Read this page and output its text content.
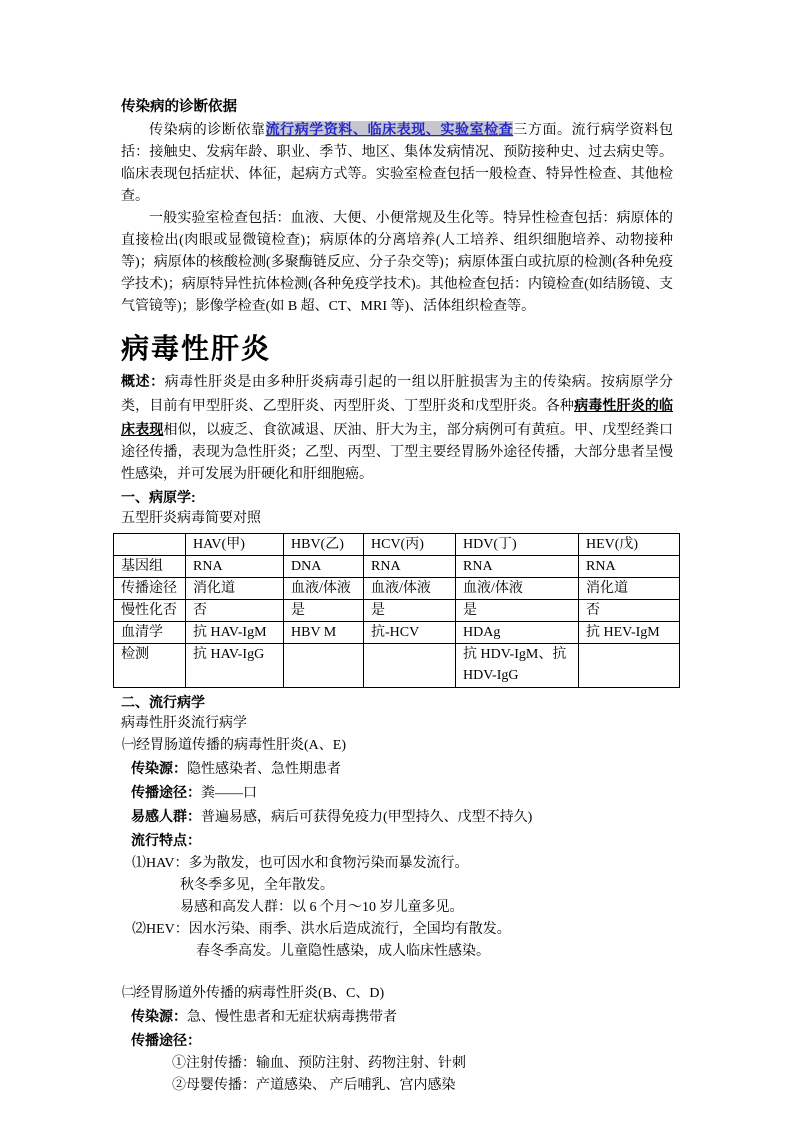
传染病的诊断依据

传染病的诊断依靠流行病学资料、临床表现、实验室检查三方面。流行病学资料包括：接触史、发病年龄、职业、季节、地区、集体发病情况、预防接种史、过去病史等。临床表现包括症状、体征，起病方式等。实验室检查包括一般检查、特异性检查、其他检查。

一般实验室检查包括：血液、大便、小便常规及生化等。特异性检查包括：病原体的直接检出(肉眼或显微镜检查)；病原体的分离培养(人工培养、组织细胞培养、动物接种等)；病原体的核酸检测(多聚酶链反应、分子杂交等)；病原体蛋白或抗原的检测(各种免疫学技术)；病原特异性抗体检测(各种免疫学技术)。其他检查包括：内镜检查(如结肠镜、支气管镜等)；影像学检查(如 B 超、CT、MRI 等)、活体组织检查等。

病毒性肝炎

概述：病毒性肝炎是由多种肝炎病毒引起的一组以肝脏损害为主的传染病。按病原学分类，目前有甲型肝炎、乙型肝炎、丙型肝炎、丁型肝炎和戊型肝炎。各种病毒性肝炎的临床表现相似，以疲乏、食欲减退、厌油、肝大为主，部分病例可有黄疸。甲、戊型经粪口途径传播，表现为急性肝炎；乙型、丙型、丁型主要经胃肠外途径传播，大部分患者呈慢性感染，并可发展为肝硬化和肝细胞癌。

一、病原学:
五型肝炎病毒简要对照
	HAV(甲)	HBV(乙)	HCV(丙)	HDV(丁)	HEV(戊)
基因组	RNA	DNA	RNA	RNA	RNA
传播途径	消化道	血液/体液	血液/体液	血液/体液	消化道
慢性化否	否	是	是	是	否
血清学	抗 HAV-IgM	HBV M	抗-HCV	HDAg	抗 HEV-IgM
检测	抗 HAV-IgG			抗 HDV-IgM、抗 HDV-IgG	
二、流行病学
病毒性肝炎流行病学
㈠经胃肠道传播的病毒性肝炎(A、E)
传染源：隐性感染者、急性期患者
传播途径：粪——口
易感人群：普遍易感，病后可获得免疫力(甲型持久、戊型不持久)
流行特点：
⑴HAV：多为散发，也可因水和食物污染而暴发流行。
秋冬季多见，全年散发。
易感和高发人群：以 6 个月～10 岁儿童多见。
⑵HEV：因水污染、雨季、洪水后造成流行，全国均有散发。
春冬季高发。儿童隐性感染，成人临床性感染。
㈡经胃肠道外传播的病毒性肝炎(B、C、D)
传染源：急、慢性患者和无症状病毒携带者
传播途径：
①注射传播：输血、预防注射、药物注射、针刺
②母婴传播：产道感染、 产后哺乳、宫内感染
